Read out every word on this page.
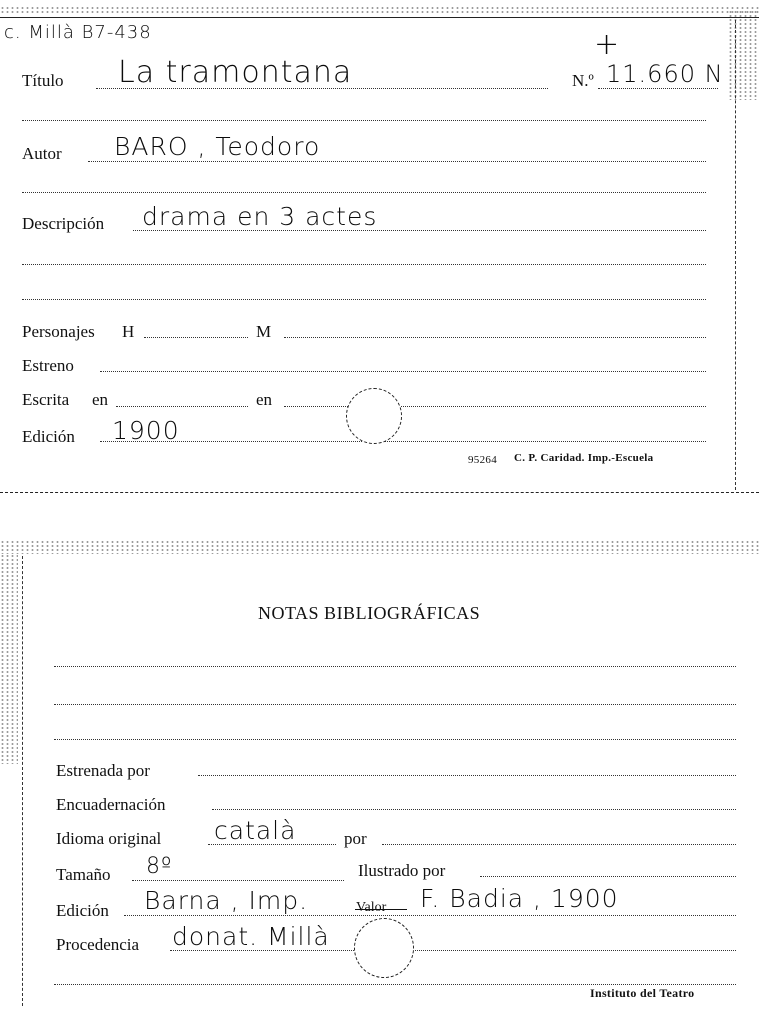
c. Millà B7-438
Título La tramontana	N.º 11.660 N
+
Autor BARO , Teodoro
Descripción drama en 3 actes
Personajes H	M
Estreno
Escrita en	en
Edición 1900
95264 C. P. Caridad. Imp.-Escuela
NOTAS BIBLIOGRÁFICAS
Estrenada por
Encuadernación
Idioma original català	por
Tamaño 8º	Ilustrado por
Edición Barna , Imp.	Valor F. Badia , 1900
Procedencia donat. Millà
Instituto del Teatro
